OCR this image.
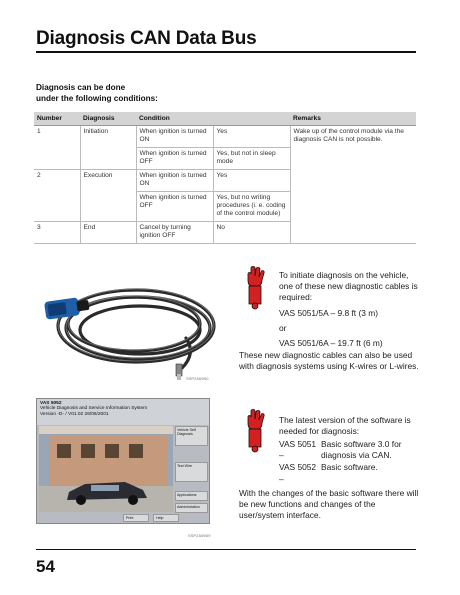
Diagnosis CAN Data Bus
Diagnosis can be done
under the following conditions:
Number	Diagnosis	Condition		Remarks
1	Initiation	When ignition is turned ON	Yes	Wake up of the control module via the diagnosis CAN is not possible.
		When ignition is turned OFF	Yes, but not in sleep mode	
2	Execution	When ignition is turned ON	Yes	
		When ignition is turned OFF	Yes, but no writing procedures (i. e. coding of the control module)	
3	End	Cancel by turning ignition OFF	No	
SSP238/050

To initiate diagnosis on the vehicle, one of these new diagnostic cables is required:

VAS 5051/5A – 9.8 ft (3 m)

or

VAS 5051/6A – 19.7 ft (6 m)

These new diagnostic cables can also be used with diagnosis systems using K-wires or L-wires.
VAS 5052
Vehicle Diagnosis and Service Information System
Version -D- / V01.02 26/06/2001
Vehicle Self Diagnosis
Test Wire
Applications
Administration
Print	Help
SSP238/059

The latest version of the software is needed for diagnosis:

VAS 5051 –
Basic software 3.0 for diagnosis via CAN.
VAS 5052 –
Basic software.
With the changes of the basic software there will be new functions and changes of the user/system interface.
54
